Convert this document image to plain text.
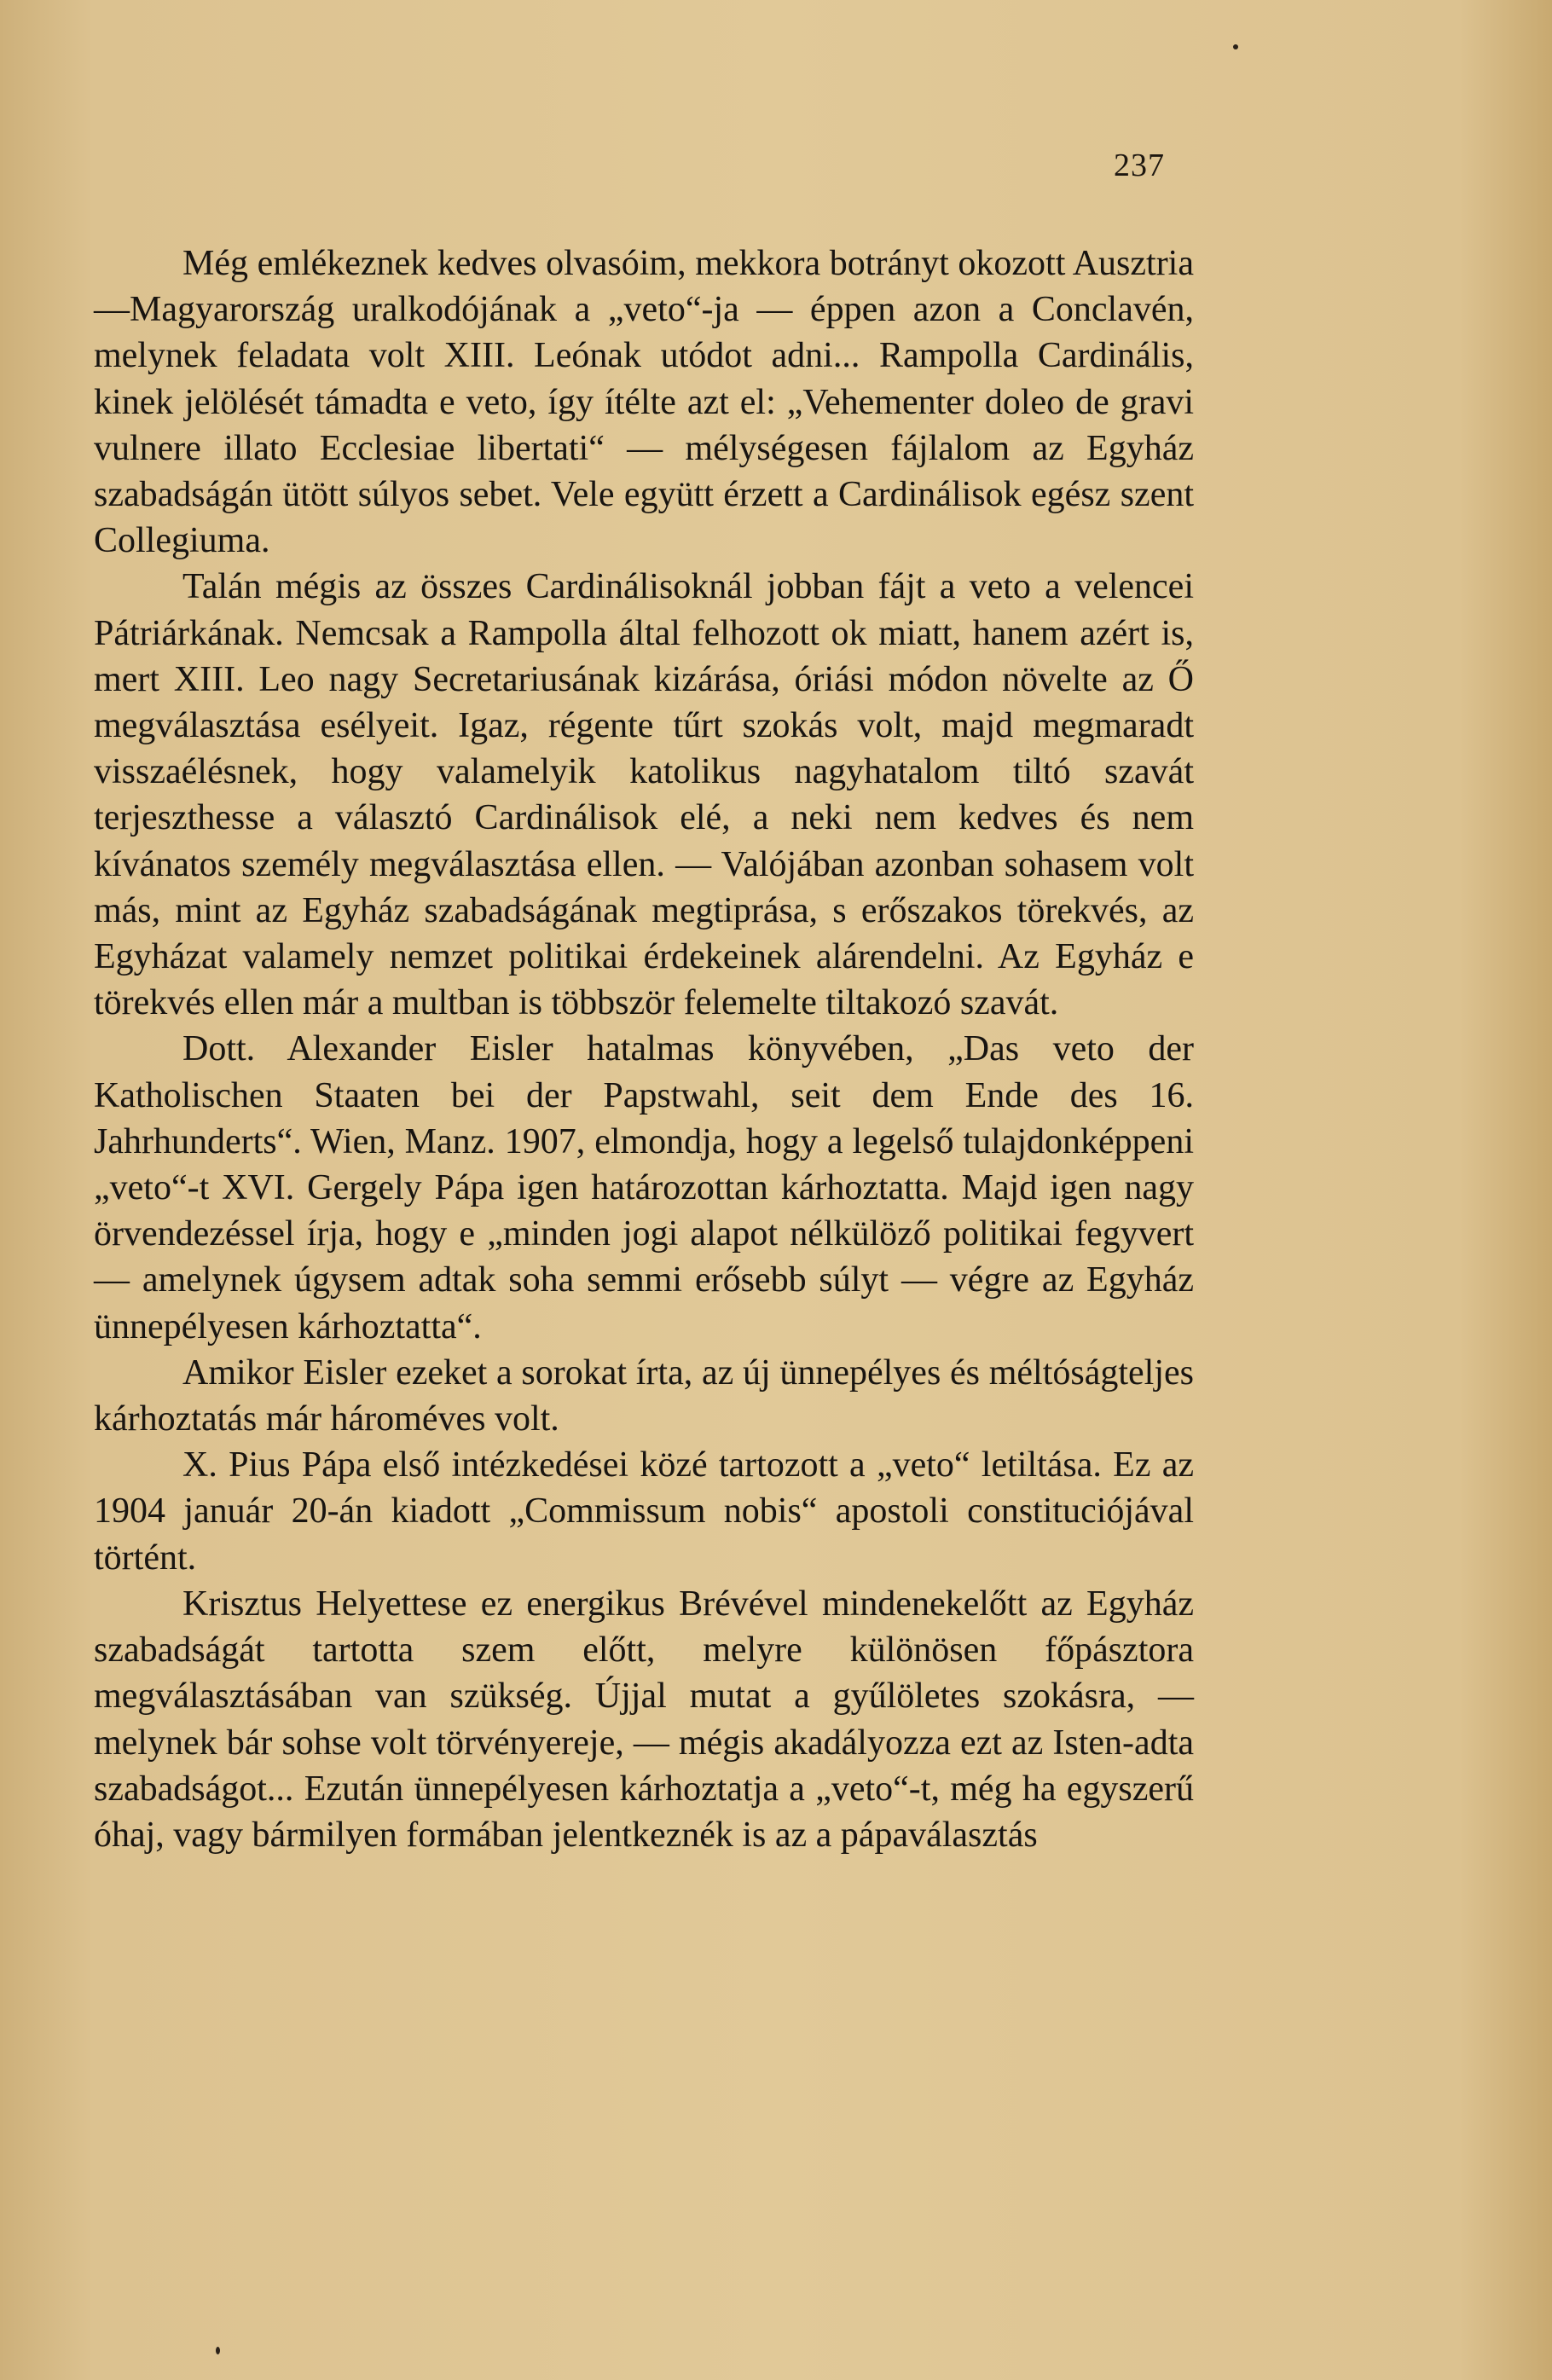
237

Még emlékeznek kedves olvasóim, mekkora botrányt okozott Ausztria—Magyarország uralkodójának a „veto“-ja — éppen azon a Conclavén, melynek feladata volt XIII. Leónak utódot adni... Rampolla Cardinális, kinek jelölését támadta e veto, így ítélte azt el: „Vehementer doleo de gravi vulnere illato Ecclesiae libertati“ — mélységesen fájlalom az Egyház szabadságán ütött súlyos sebet. Vele együtt érzett a Cardinálisok egész szent Collegiuma.

Talán mégis az összes Cardinálisoknál jobban fájt a veto a velencei Pátriárkának. Nemcsak a Rampolla által felhozott ok miatt, hanem azért is, mert XIII. Leo nagy Secretariusának kizárása, óriási módon növelte az Ő megválasztása esélyeit. Igaz, régente tűrt szokás volt, majd megmaradt visszaélésnek, hogy valamelyik katolikus nagyhatalom tiltó szavát terjeszthesse a választó Cardinálisok elé, a neki nem kedves és nem kívánatos személy megválasztása ellen. — Valójában azonban sohasem volt más, mint az Egyház szabadságának megtiprása, s erőszakos törekvés, az Egyházat valamely nemzet politikai érdekeinek alárendelni. Az Egyház e törekvés ellen már a multban is többször felemelte tiltakozó szavát.

Dott. Alexander Eisler hatalmas könyvében, „Das veto der Katholischen Staaten bei der Papstwahl, seit dem Ende des 16. Jahrhunderts“. Wien, Manz. 1907, elmondja, hogy a legelső tulajdonképpeni „veto“-t XVI. Gergely Pápa igen határozottan kárhoztatta. Majd igen nagy örvendezéssel írja, hogy e „minden jogi alapot nélkülöző politikai fegyvert — amelynek úgysem adtak soha semmi erősebb súlyt — végre az Egyház ünnepélyesen kárhoztatta“.

Amikor Eisler ezeket a sorokat írta, az új ünnepélyes és méltóságteljes kárhoztatás már hároméves volt.

X. Pius Pápa első intézkedései közé tartozott a „veto“ letiltása. Ez az 1904 január 20-án kiadott „Commissum nobis“ apostoli constituciójával történt.

Krisztus Helyettese ez energikus Brévével mindenekelőtt az Egyház szabadságát tartotta szem előtt, melyre különösen főpásztora megválasztásában van szükség. Újjal mutat a gyűlöletes szokásra, — melynek bár sohse volt törvényereje, — mégis akadályozza ezt az Isten-adta szabadságot... Ezután ünnepélyesen kárhoztatja a „veto“-t, még ha egyszerű óhaj, vagy bármilyen formában jelentkeznék is az a pápaválasztás
